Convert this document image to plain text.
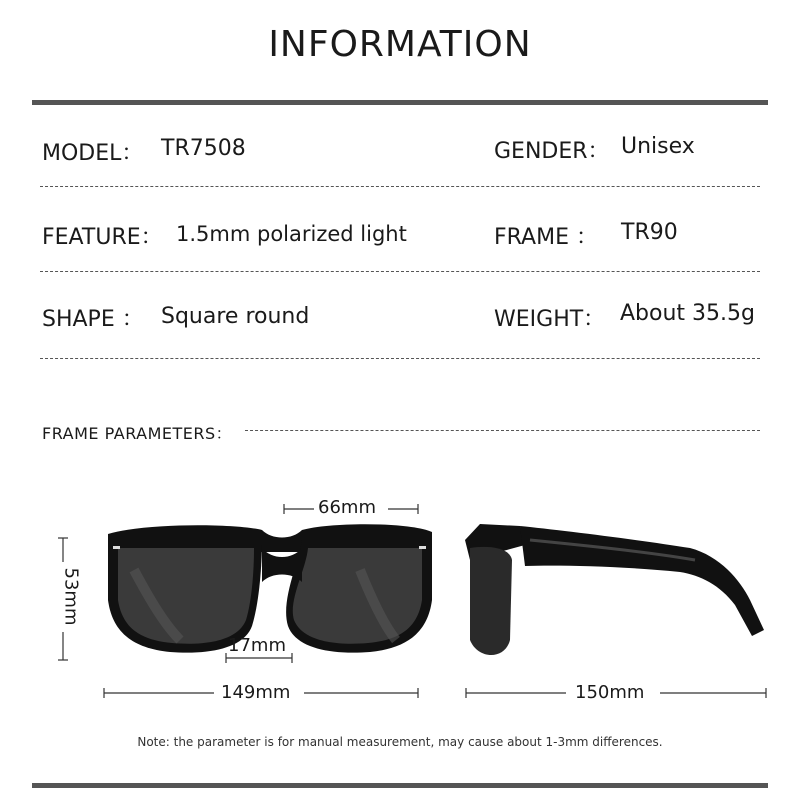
INFORMATION
MODEL： TR7508	GENDER： Unisex
FEATURE： 1.5mm polarized light	FRAME ： TR90
SHAPE ： Square round	WEIGHT： About 35.5g
FRAME PARAMETERS：
66mm
53mm
17mm
149mm	150mm
Note: the parameter is for manual measurement, may cause about 1-3mm differences.
